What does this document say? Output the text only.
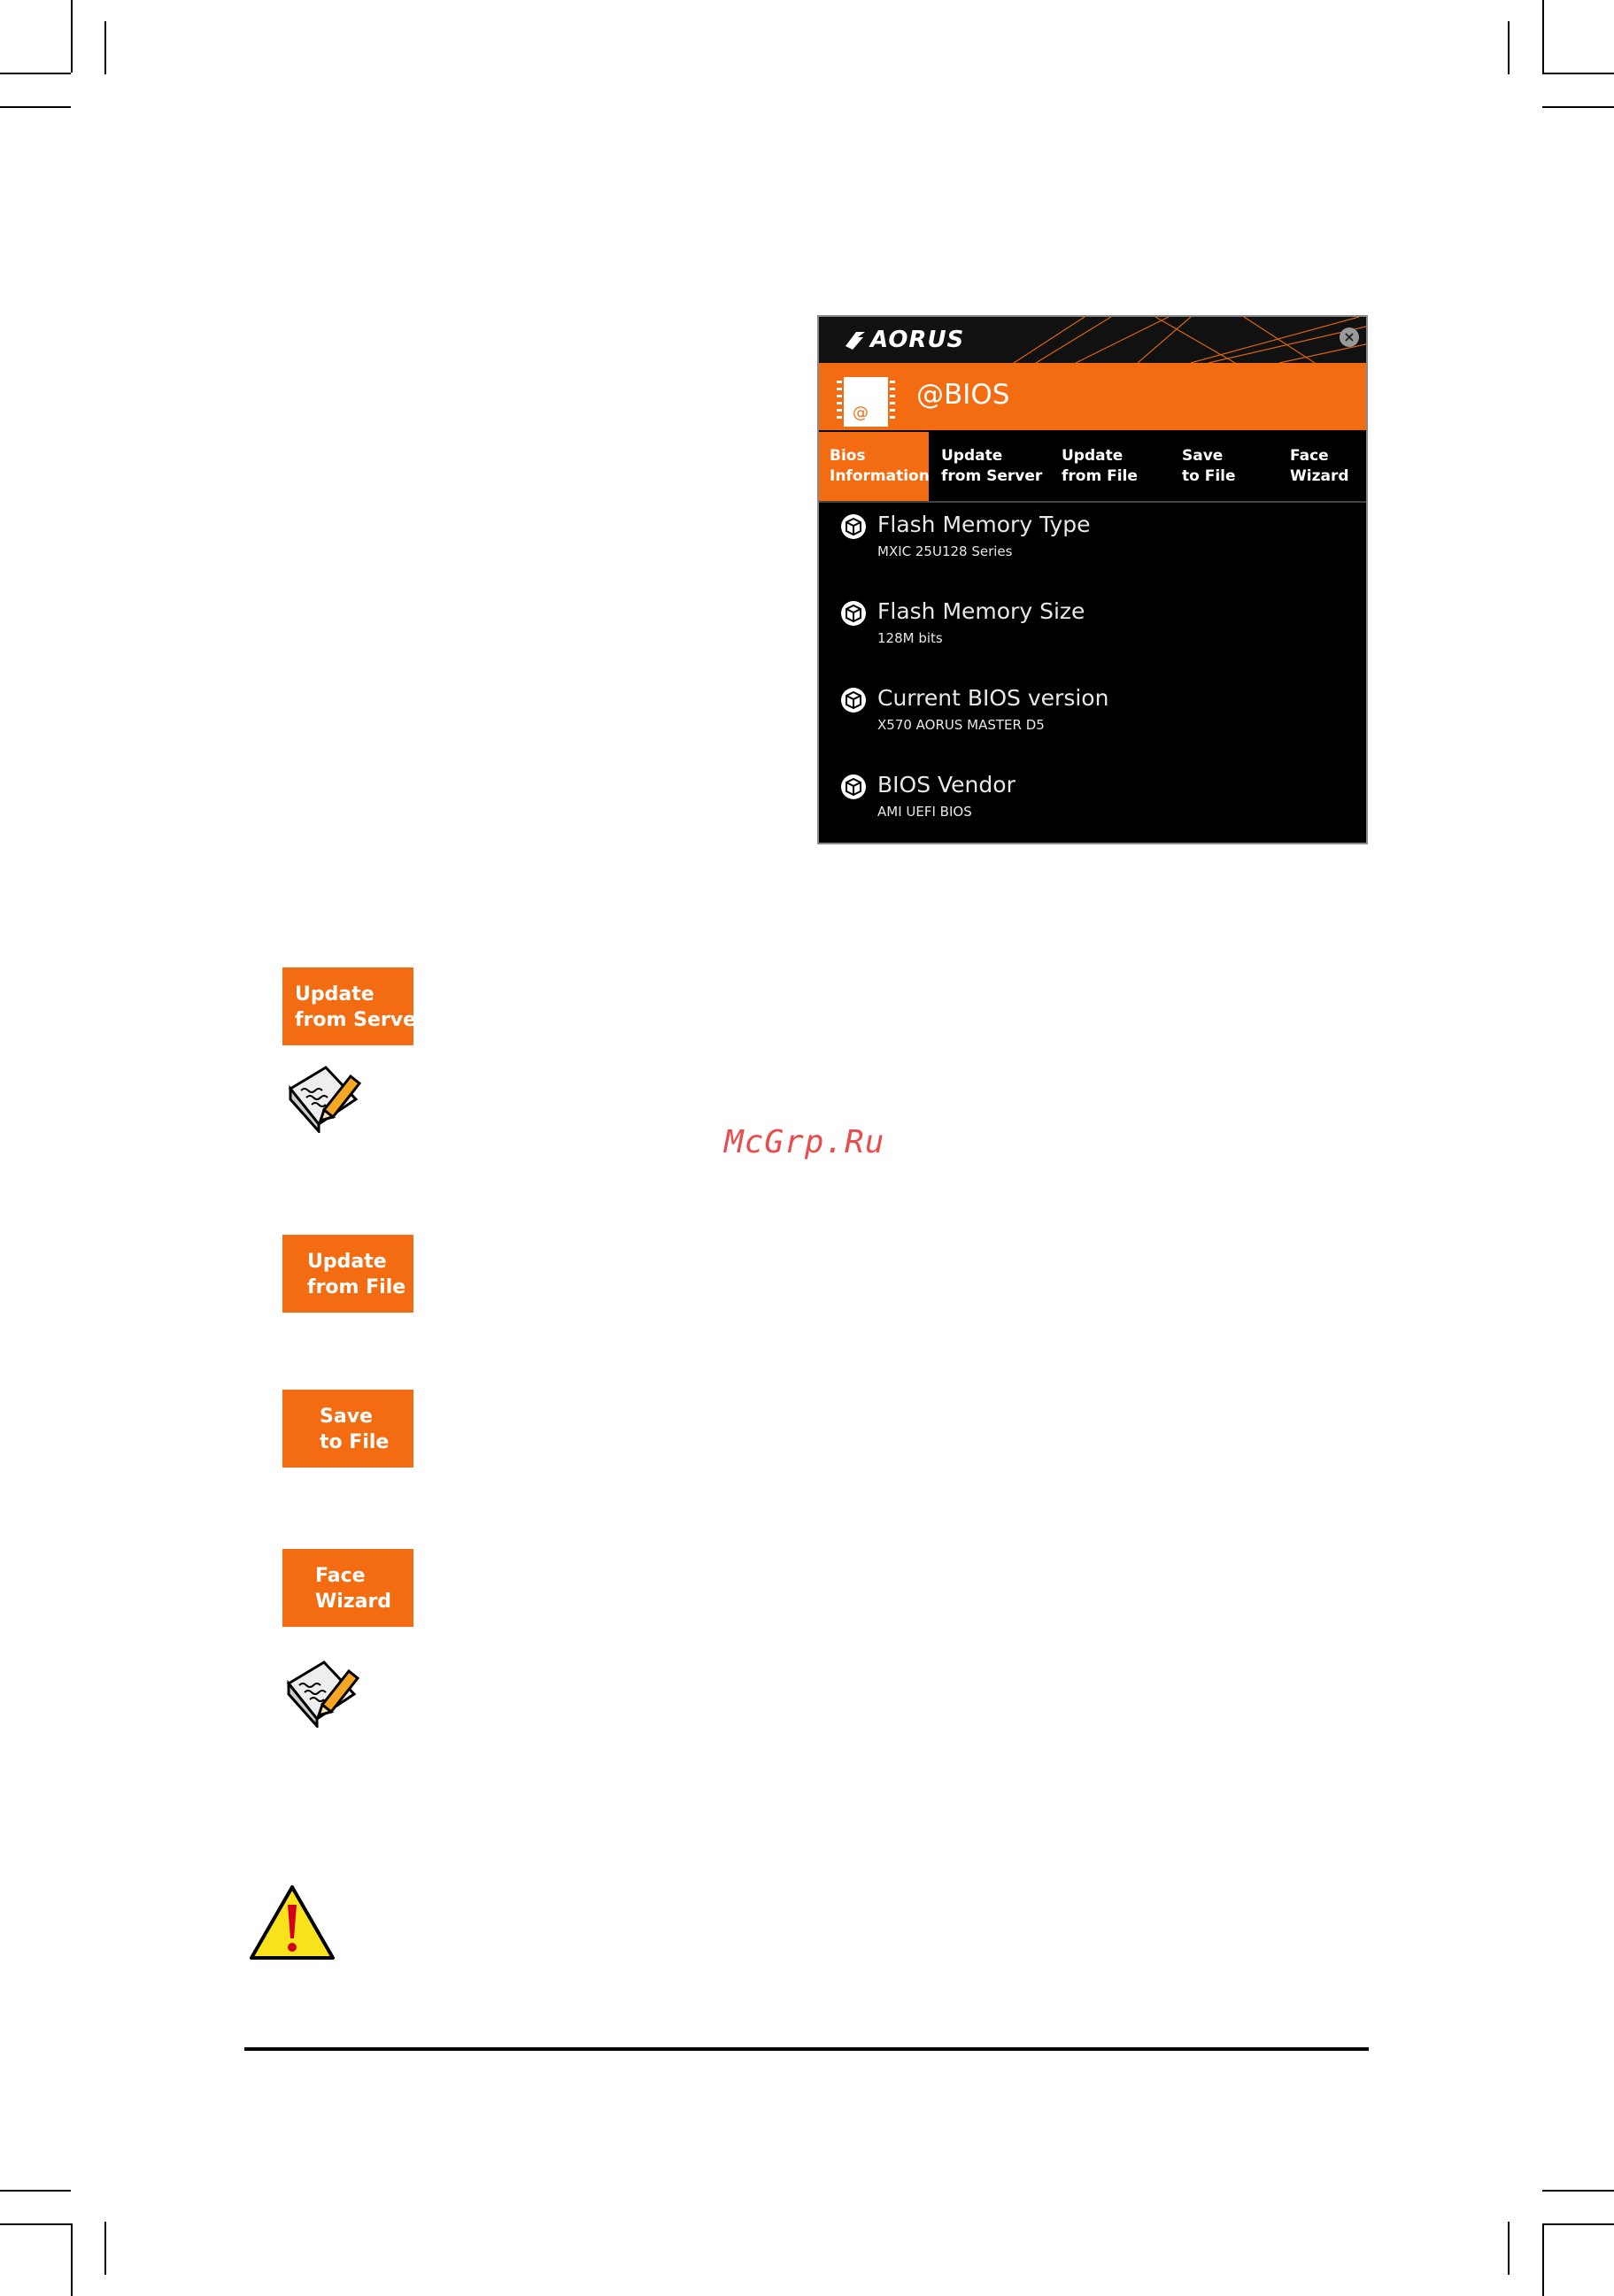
AORUS	×
@
@BIOS
Bios
Information
Update
from Server
Update
from File
Save
to File
Face
Wizard
Flash Memory Type
MXIC 25U128 Series
Flash Memory Size
128M bits
Current BIOS version
X570 AORUS MASTER D5
BIOS Vendor
AMI UEFI BIOS
Update
from Server
McGrp.Ru
Update
from File
Save
to File
Face
Wizard
